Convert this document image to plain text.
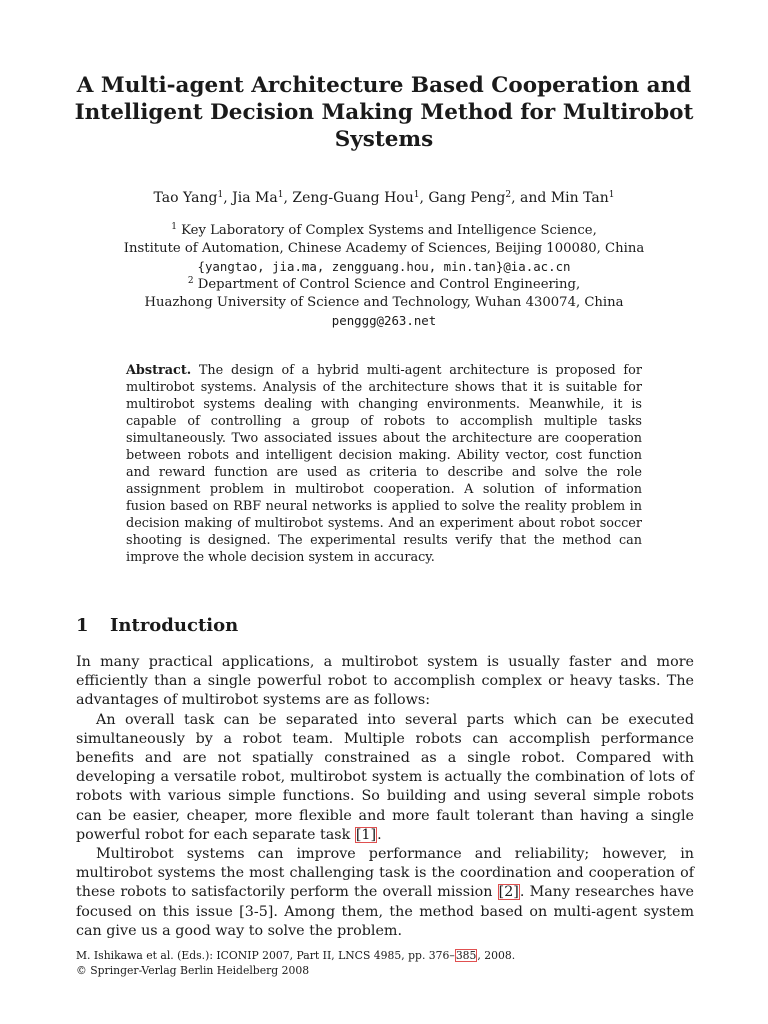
A Multi-agent Architecture Based Cooperation and Intelligent Decision Making Method for Multirobot Systems
Tao Yang$^1$, Jia Ma$^1$, Zeng-Guang Hou$^1$, Gang Peng$^2$, and Min Tan$^1$
$^1$ Key Laboratory of Complex Systems and Intelligence Science,
Institute of Automation, Chinese Academy of Sciences, Beijing 100080, China
{yangtao, jia.ma, zengguang.hou, min.tan}@ia.ac.cn
$^2$ Department of Control Science and Control Engineering,
Huazhong University of Science and Technology, Wuhan 430074, China
penggg@263.net

Abstract. The design of a hybrid multi-agent architecture is proposed for multirobot systems. Analysis of the architecture shows that it is suitable for multirobot systems dealing with changing environments. Meanwhile, it is capable of controlling a group of robots to accomplish multiple tasks simultaneously. Two associated issues about the architecture are cooperation between robots and intelligent decision making. Ability vector, cost function and reward function are used as criteria to describe and solve the role assignment problem in multirobot cooperation. A solution of information fusion based on RBF neural networks is applied to solve the reality problem in decision making of multirobot systems. And an experiment about robot soccer shooting is designed. The experimental results verify that the method can improve the whole decision system in accuracy.

1 Introduction

In many practical applications, a multirobot system is usually faster and more efficiently than a single powerful robot to accomplish complex or heavy tasks. The advantages of multirobot systems are as follows:

An overall task can be separated into several parts which can be executed simultaneously by a robot team. Multiple robots can accomplish performance benefits and are not spatially constrained as a single robot. Compared with developing a versatile robot, multirobot system is actually the combination of lots of robots with various simple functions. So building and using several simple robots can be easier, cheaper, more flexible and more fault tolerant than having a single powerful robot for each separate task [1].

Multirobot systems can improve performance and reliability; however, in multirobot systems the most challenging task is the coordination and cooperation of these robots to satisfactorily perform the overall mission [2]. Many researches have focused on this issue [3-5]. Among them, the method based on multi-agent system can give us a good way to solve the problem.

M. Ishikawa et al. (Eds.): ICONIP 2007, Part II, LNCS 4985, pp. 376–385, 2008.
© Springer-Verlag Berlin Heidelberg 2008
